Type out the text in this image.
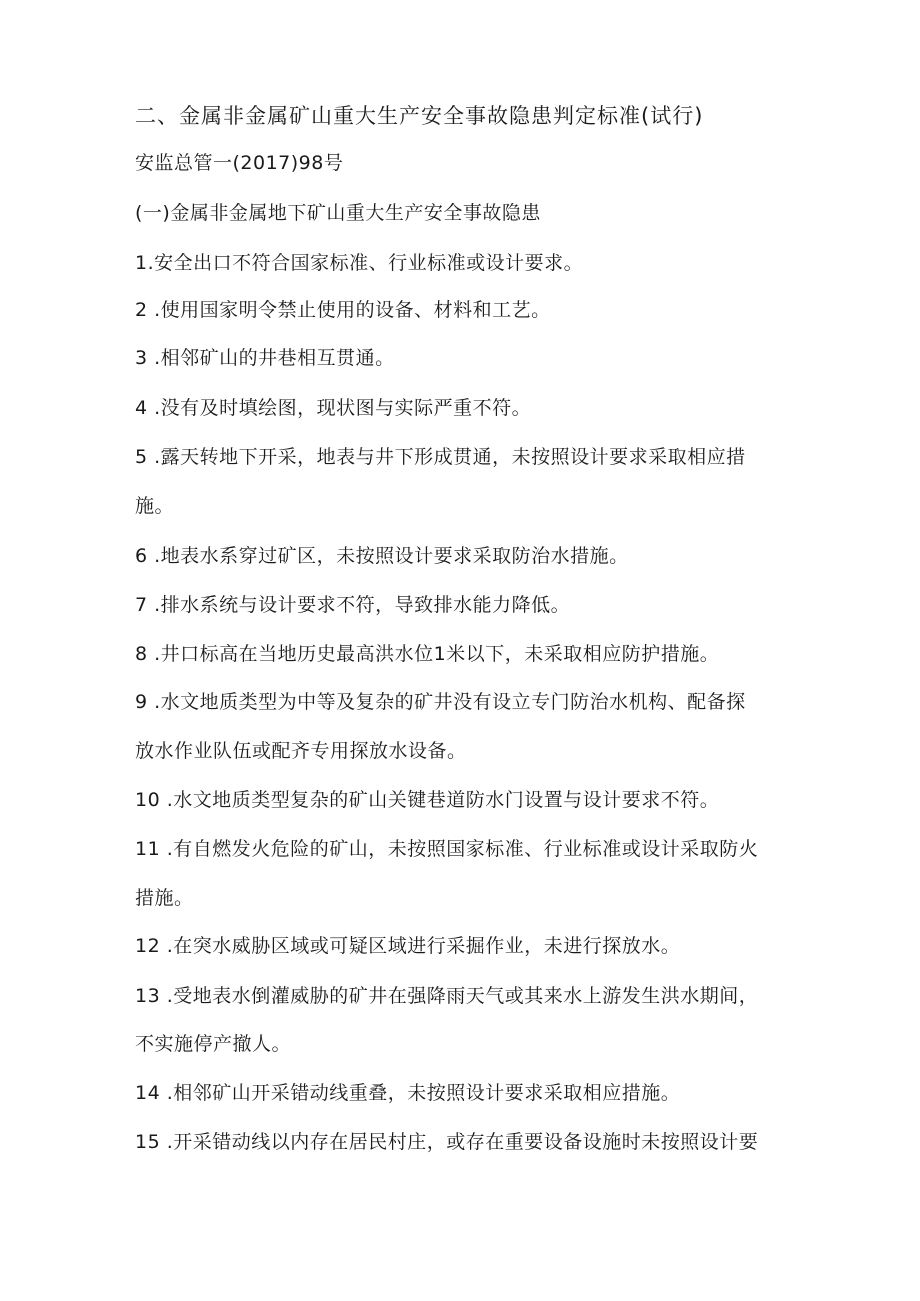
二、金属非金属矿山重大生产安全事故隐患判定标准(试行)

安监总管一(2017)98号

(一)金属非金属地下矿山重大生产安全事故隐患

1.安全出口不符合国家标准、行业标准或设计要求。

2 .使用国家明令禁止使用的设备、材料和工艺。

3 .相邻矿山的井巷相互贯通。

4 .没有及时填绘图，现状图与实际严重不符。

5 .露天转地下开采，地表与井下形成贯通，未按照设计要求采取相应措

施。

6 .地表水系穿过矿区，未按照设计要求采取防治水措施。

7 .排水系统与设计要求不符，导致排水能力降低。

8 .井口标高在当地历史最高洪水位1米以下，未采取相应防护措施。

9 .水文地质类型为中等及复杂的矿井没有设立专门防治水机构、配备探

放水作业队伍或配齐专用探放水设备。

10 .水文地质类型复杂的矿山关键巷道防水门设置与设计要求不符。

11 .有自燃发火危险的矿山，未按照国家标准、行业标准或设计采取防火

措施。

12 .在突水威胁区域或可疑区域进行采掘作业，未进行探放水。

13 .受地表水倒灌威胁的矿井在强降雨天气或其来水上游发生洪水期间，

不实施停产撤人。

14 .相邻矿山开采错动线重叠，未按照设计要求采取相应措施。

15 .开采错动线以内存在居民村庄，或存在重要设备设施时未按照设计要
